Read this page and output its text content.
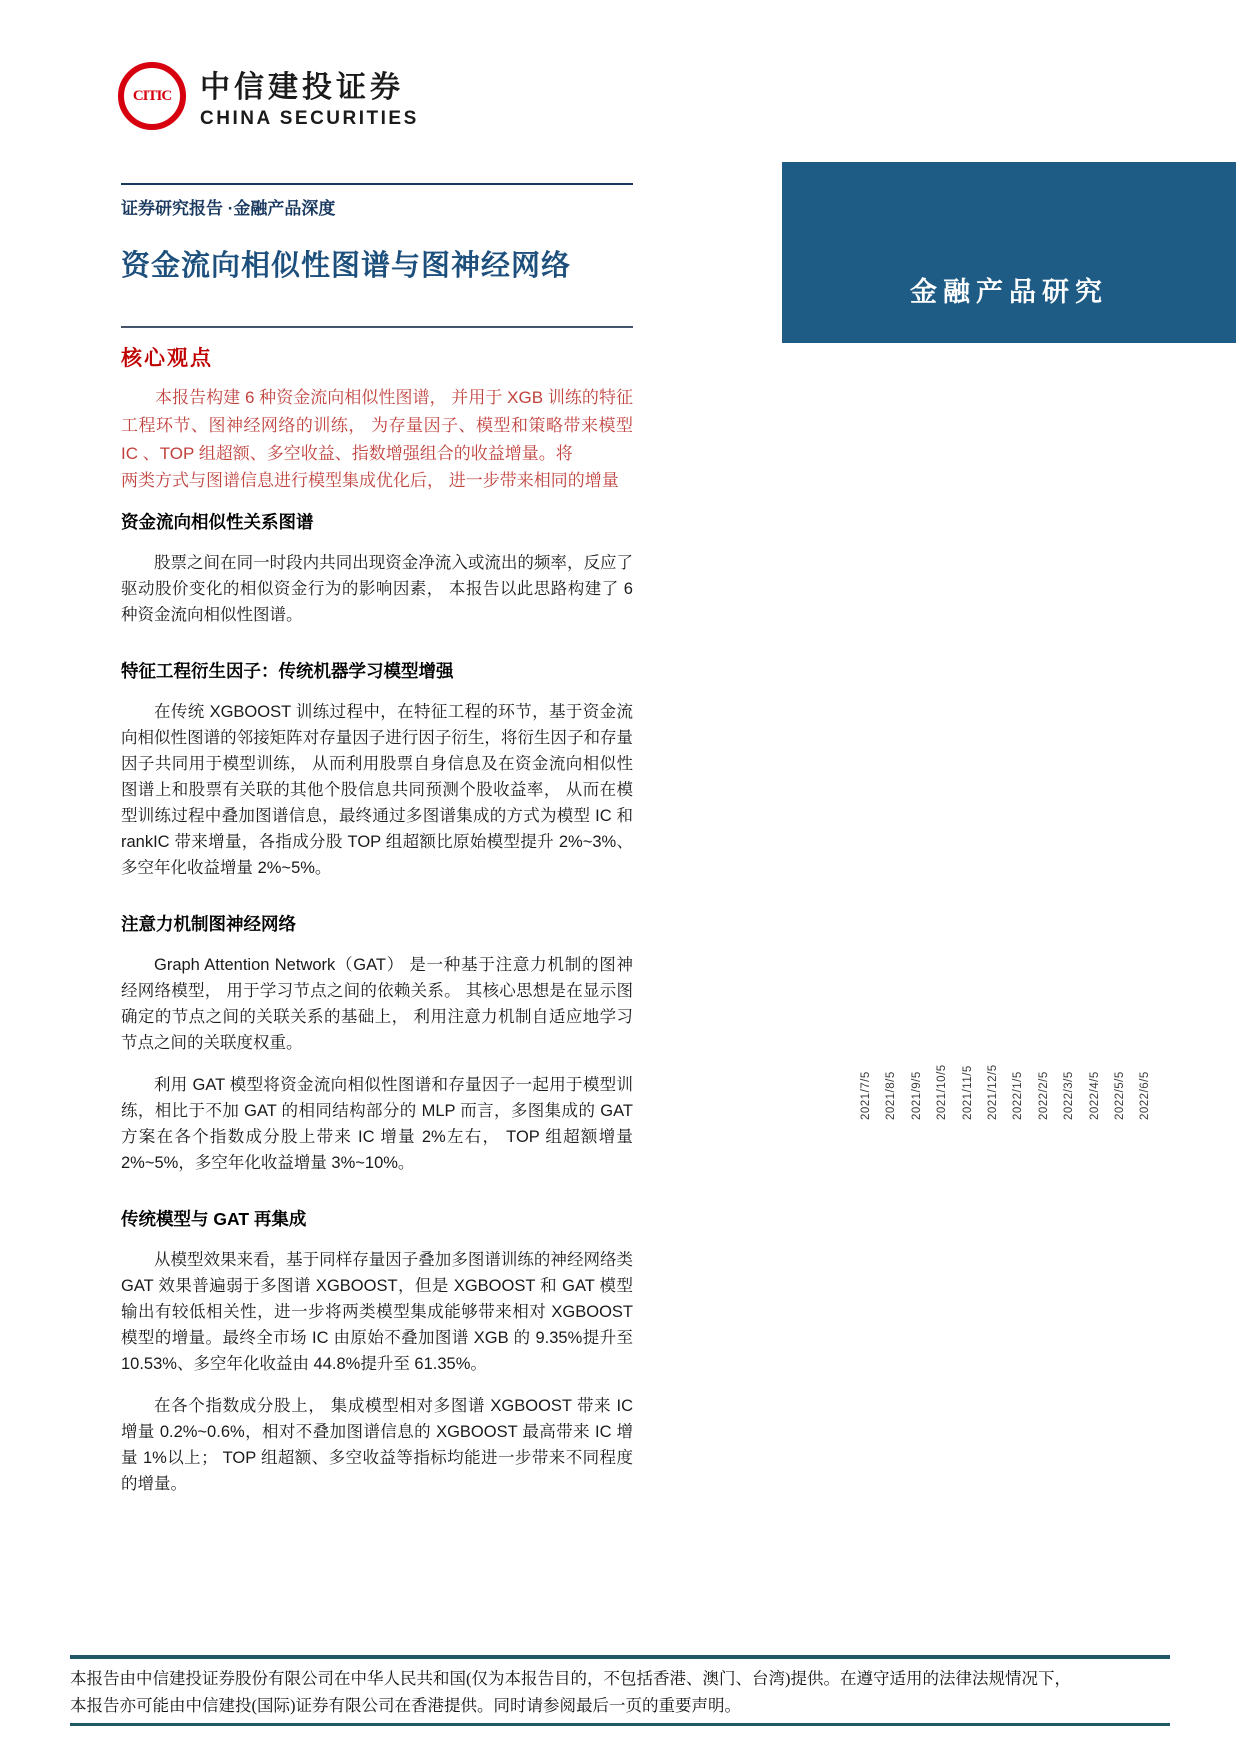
CITIC 中信建投证券
CHINA SECURITIES
金融产品研究
证券研究报告 ·金融产品深度
资金流向相似性图谱与图神经网络
核心观点
本报告构建 6 种资金流向相似性图谱， 并用于 XGB 训练的特征工程环节、图神经网络的训练， 为存量因子、模型和策略带来模型 IC 、TOP 组超额、多空收益、指数增强组合的收益增量。将
两类方式与图谱信息进行模型集成优化后， 进一步带来相同的增量
资金流向相似性关系图谱
股票之间在同一时段内共同出现资金净流入或流出的频率，反应了驱动股价变化的相似资金行为的影响因素， 本报告以此思路构建了 6 种资金流向相似性图谱。
特征工程衍生因子：传统机器学习模型增强
在传统 XGBOOST 训练过程中，在特征工程的环节，基于资金流向相似性图谱的邻接矩阵对存量因子进行因子衍生，将衍生因子和存量因子共同用于模型训练， 从而利用股票自身信息及在资金流向相似性图谱上和股票有关联的其他个股信息共同预测个股收益率， 从而在模型训练过程中叠加图谱信息，最终通过多图谱集成的方式为模型 IC 和 rankIC 带来增量，各指成分股 TOP 组超额比原始模型提升 2%~3%、多空年化收益增量 2%~5%。
注意力机制图神经网络
Graph Attention Network（GAT） 是一种基于注意力机制的图神经网络模型， 用于学习节点之间的依赖关系。 其核心思想是在显示图确定的节点之间的关联关系的基础上， 利用注意力机制自适应地学习节点之间的关联度权重。
利用 GAT 模型将资金流向相似性图谱和存量因子一起用于模型训练，相比于不加 GAT 的相同结构部分的 MLP 而言，多图集成的 GAT 方案在各个指数成分股上带来 IC 增量 2%左右， TOP 组超额增量 2%~5%，多空年化收益增量 3%~10%。
传统模型与 GAT 再集成
从模型效果来看，基于同样存量因子叠加多图谱训练的神经网络类 GAT 效果普遍弱于多图谱 XGBOOST，但是 XGBOOST 和 GAT 模型输出有较低相关性，进一步将两类模型集成能够带来相对 XGBOOST 模型的增量。最终全市场 IC 由原始不叠加图谱 XGB 的 9.35%提升至 10.53%、多空年化收益由 44.8%提升至 61.35%。
在各个指数成分股上， 集成模型相对多图谱 XGBOOST 带来 IC 增量 0.2%~0.6%，相对不叠加图谱信息的 XGBOOST 最高带来 IC 增量 1%以上； TOP 组超额、多空收益等指标均能进一步带来不同程度的增量。
2021/7/5 2021/8/5 2021/9/5 2021/10/5 2021/11/5 2021/12/5 2022/1/5 2022/2/5 2022/3/5 2022/4/5 2022/5/5 2022/6/5
本报告由中信建投证券股份有限公司在中华人民共和国(仅为本报告目的，不包括香港、澳门、台湾)提供。在遵守适用的法律法规情况下，
本报告亦可能由中信建投(国际)证券有限公司在香港提供。同时请参阅最后一页的重要声明。
